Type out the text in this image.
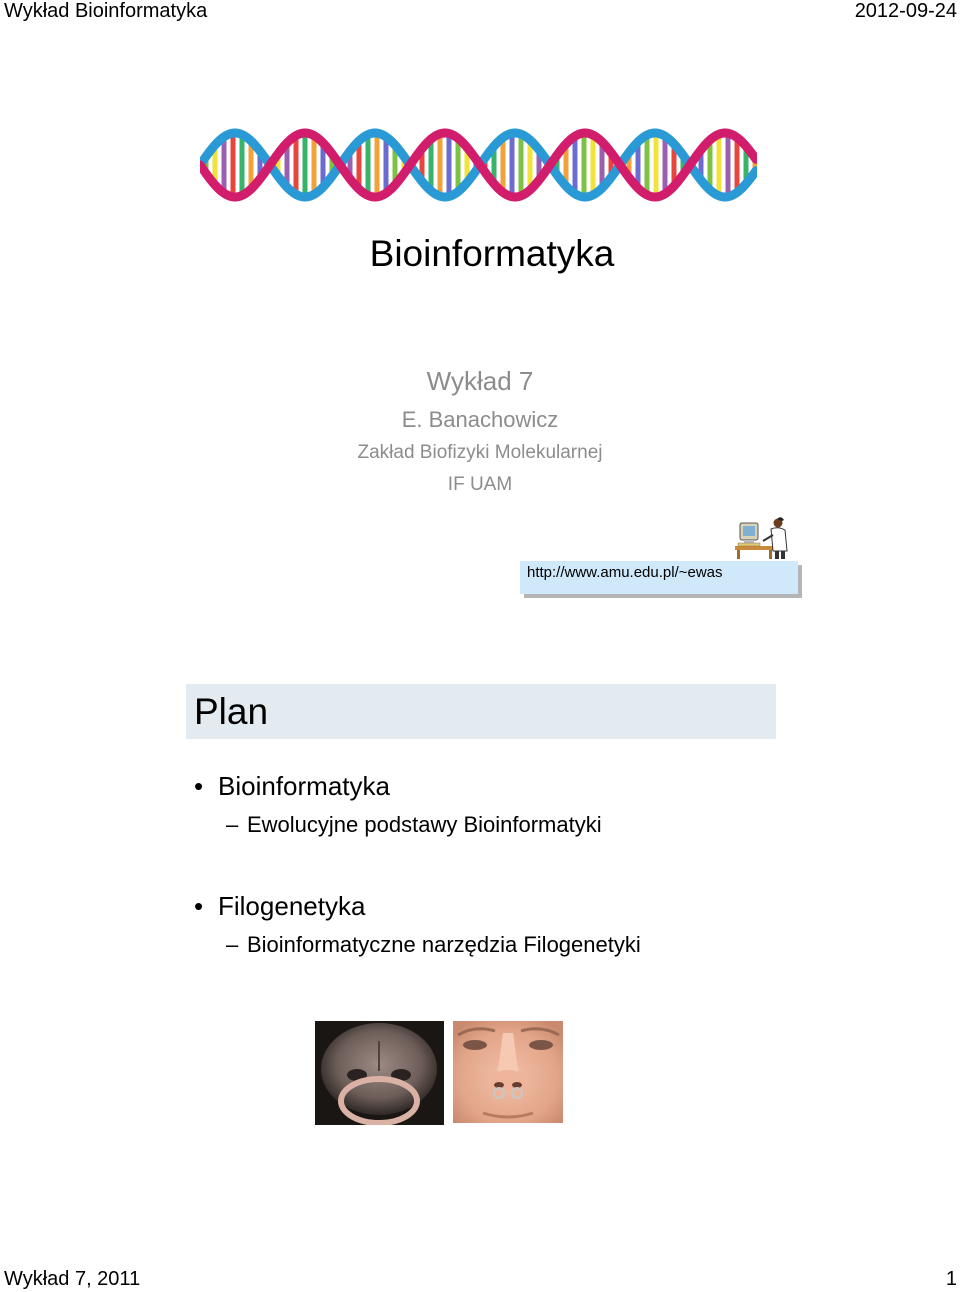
Wykład Bioinformatyka	2012-09-24
Bioinformatyka
Wykład 7
E. Banachowicz
Zakład Biofizyki Molekularnej
IF UAM
http://www.amu.edu.pl/~ewas
Plan
• Bioinformatyka
– Ewolucyjne podstawy Bioinformatyki
• Filogenetyka
– Bioinformatyczne narzędzia Filogenetyki
Wykład 7, 2011	1
